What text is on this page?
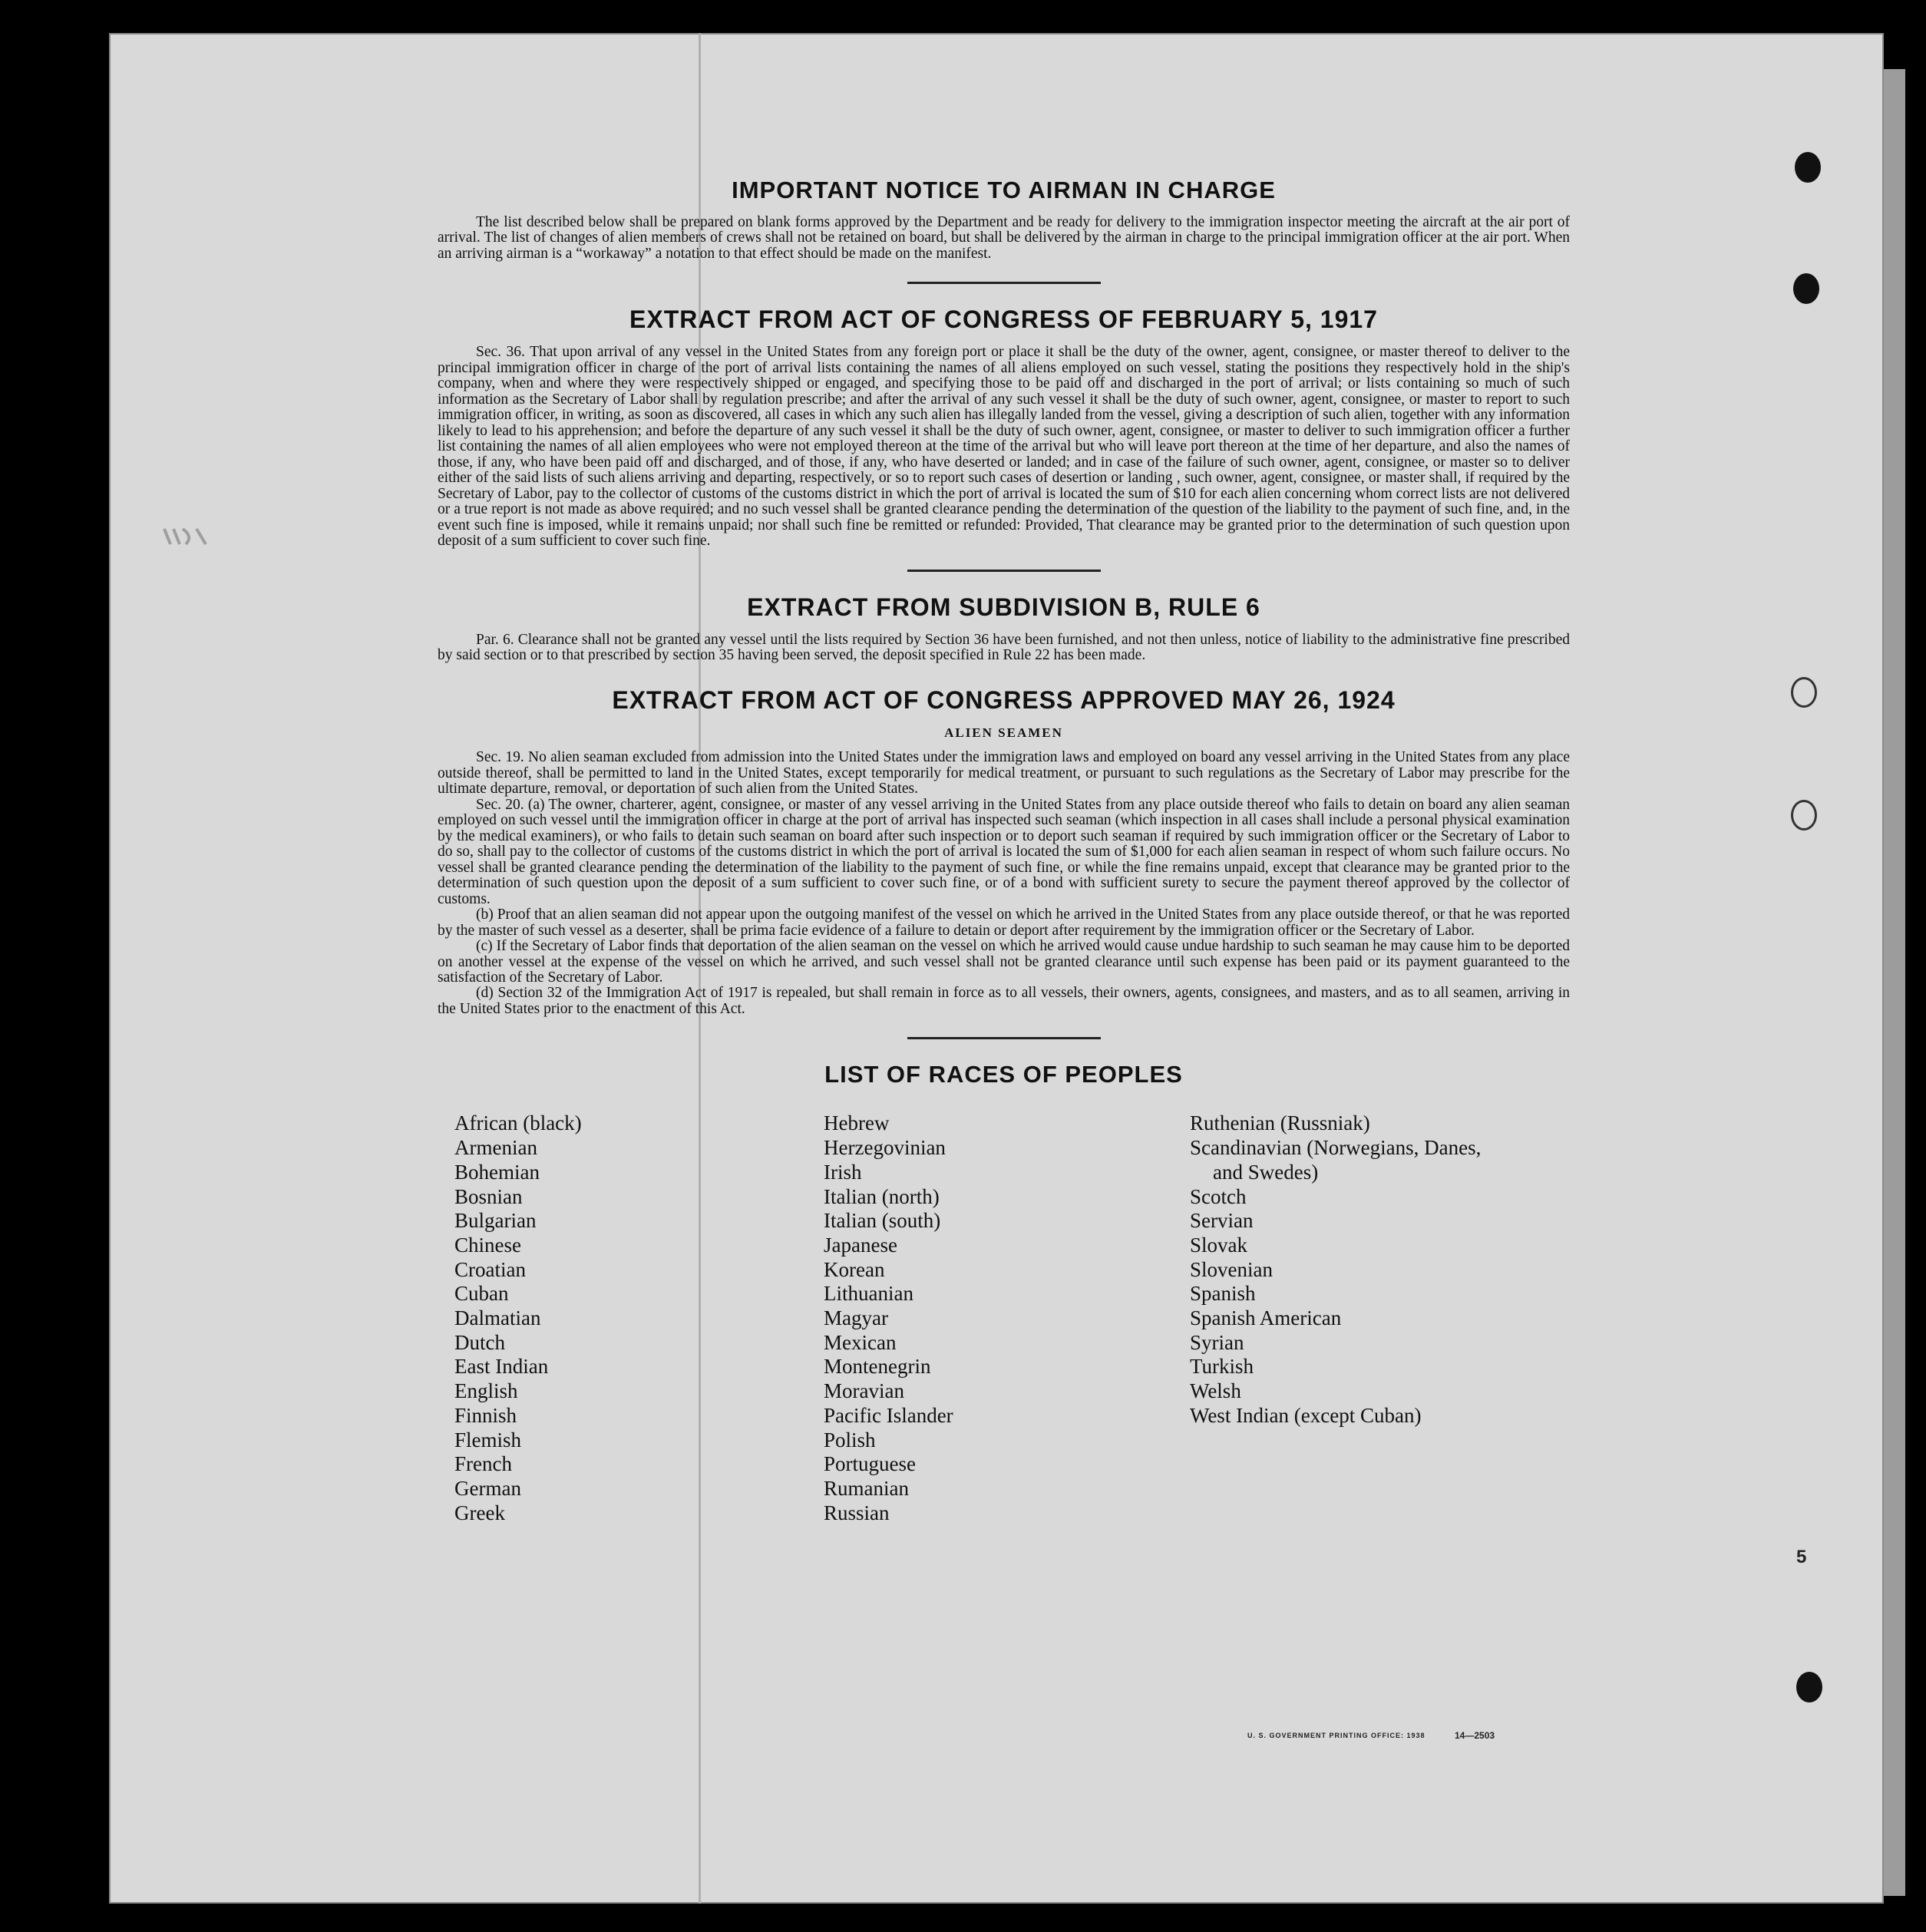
IMPORTANT NOTICE TO AIRMAN IN CHARGE

The list described below shall be prepared on blank forms approved by the Department and be ready for delivery to the immigration inspector meeting the aircraft at the air port of arrival. The list of changes of alien members of crews shall not be retained on board, but shall be delivered by the airman in charge to the principal immigration officer at the air port. When an arriving airman is a “workaway” a notation to that effect should be made on the manifest.

EXTRACT FROM ACT OF CONGRESS OF FEBRUARY 5, 1917

Sec. 36. That upon arrival of any vessel in the United States from any foreign port or place it shall be the duty of the owner, agent, consignee, or master thereof to deliver to the principal immigration officer in charge of the port of arrival lists containing the names of all aliens employed on such vessel, stating the positions they respectively hold in the ship's company, when and where they were respectively shipped or engaged, and specifying those to be paid off and discharged in the port of arrival; or lists containing so much of such information as the Secretary of Labor shall by regulation prescribe; and after the arrival of any such vessel it shall be the duty of such owner, agent, consignee, or master to report to such immigration officer, in writing, as soon as discovered, all cases in which any such alien has illegally landed from the vessel, giving a description of such alien, together with any information likely to lead to his apprehension; and before the departure of any such vessel it shall be the duty of such owner, agent, consignee, or master to deliver to such immigration officer a further list containing the names of all alien employees who were not employed thereon at the time of the arrival but who will leave port thereon at the time of her departure, and also the names of those, if any, who have been paid off and discharged, and of those, if any, who have deserted or landed; and in case of the failure of such owner, agent, consignee, or master so to deliver either of the said lists of such aliens arriving and departing, respectively, or so to report such cases of desertion or landing , such owner, agent, consignee, or master shall, if required by the Secretary of Labor, pay to the collector of customs of the customs district in which the port of arrival is located the sum of $10 for each alien concerning whom correct lists are not delivered or a true report is not made as above required; and no such vessel shall be granted clearance pending the determination of the question of the liability to the payment of such fine, and, in the event such fine is imposed, while it remains unpaid; nor shall such fine be remitted or refunded: Provided, That clearance may be granted prior to the determination of such question upon deposit of a sum sufficient to cover such fine.

EXTRACT FROM SUBDIVISION B, RULE 6

Par. 6. Clearance shall not be granted any vessel until the lists required by Section 36 have been furnished, and not then unless, notice of liability to the administrative fine prescribed by said section or to that prescribed by section 35 having been served, the deposit specified in Rule 22 has been made.

EXTRACT FROM ACT OF CONGRESS APPROVED MAY 26, 1924
ALIEN SEAMEN

Sec. 19. No alien seaman excluded from admission into the United States under the immigration laws and employed on board any vessel arriving in the United States from any place outside thereof, shall be permitted to land in the United States, except temporarily for medical treatment, or pursuant to such regulations as the Secretary of Labor may prescribe for the ultimate departure, removal, or deportation of such alien from the United States.

Sec. 20. (a) The owner, charterer, agent, consignee, or master of any vessel arriving in the United States from any place outside thereof who fails to detain on board any alien seaman employed on such vessel until the immigration officer in charge at the port of arrival has inspected such seaman (which inspection in all cases shall include a personal physical examination by the medical examiners), or who fails to detain such seaman on board after such inspection or to deport such seaman if required by such immigration officer or the Secretary of Labor to do so, shall pay to the collector of customs of the customs district in which the port of arrival is located the sum of $1,000 for each alien seaman in respect of whom such failure occurs. No vessel shall be granted clearance pending the determination of the liability to the payment of such fine, or while the fine remains unpaid, except that clearance may be granted prior to the determination of such question upon the deposit of a sum sufficient to cover such fine, or of a bond with sufficient surety to secure the payment thereof approved by the collector of customs.

(b) Proof that an alien seaman did not appear upon the outgoing manifest of the vessel on which he arrived in the United States from any place outside thereof, or that he was reported by the master of such vessel as a deserter, shall be prima facie evidence of a failure to detain or deport after requirement by the immigration officer or the Secretary of Labor.

(c) If the Secretary of Labor finds that deportation of the alien seaman on the vessel on which he arrived would cause undue hardship to such seaman he may cause him to be deported on another vessel at the expense of the vessel on which he arrived, and such vessel shall not be granted clearance until such expense has been paid or its payment guaranteed to the satisfaction of the Secretary of Labor.

(d) Section 32 of the Immigration Act of 1917 is repealed, but shall remain in force as to all vessels, their owners, agents, consignees, and masters, and as to all seamen, arriving in the United States prior to the enactment of this Act.

LIST OF RACES OF PEOPLES
African (black)
Armenian
Bohemian
Bosnian
Bulgarian
Chinese
Croatian
Cuban
Dalmatian
Dutch
East Indian
English
Finnish
Flemish
French
German
Greek
Hebrew
Herzegovinian
Irish
Italian (north)
Italian (south)
Japanese
Korean
Lithuanian
Magyar
Mexican
Montenegrin
Moravian
Pacific Islander
Polish
Portuguese
Rumanian
Russian
Ruthenian (Russniak)
Scandinavian (Norwegians, Danes,
and Swedes)
Scotch
Servian
Slovak
Slovenian
Spanish
Spanish American
Syrian
Turkish
Welsh
West Indian (except Cuban)
U. S. GOVERNMENT PRINTING OFFICE: 1938	14—2503
5
